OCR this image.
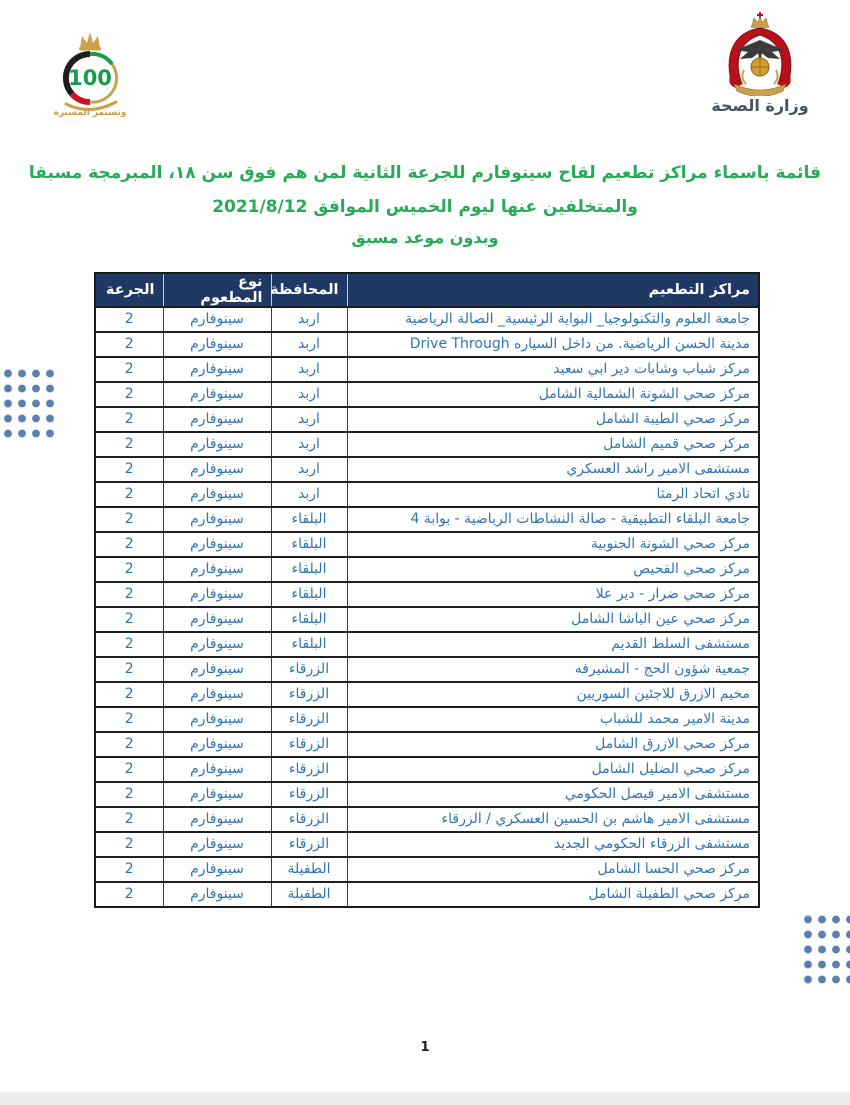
100
وتستمر المسيرة	وزارة الصحة
قائمة باسماء مراكز تطعيم لقاح سينوفارم للجرعة الثانية لمن هم فوق سن ١٨، المبرمجة مسبقا
والمتخلفين عنها ليوم الخميس الموافق 2021/8/12
وبدون موعد مسبق
مراكز التطعيم	المحافظة	نوع المطعوم	الجرعة
جامعة العلوم والتكنولوجيا_ البواية الرئيسية_ الصالة الرياضية	اربد	سينوفارم	2
مدينة الحسن الرياضية. من داخل السياره Drive Through	اربد	سينوفارم	2
مركز شباب وشابات دير ابي سعيد	اربد	سينوفارم	2
مركز صحي الشونة الشمالية الشامل	اربد	سينوفارم	2
مركز صحي الطيبة الشامل	اربد	سينوفارم	2
مركز صحي قميم الشامل	اربد	سينوفارم	2
مستشفى الامير راشد العسكري	اربد	سينوفارم	2
نادي اتحاد الرمثا	اربد	سينوفارم	2
جامعة البلقاء التطبيقية - صالة النشاطات الرياضية - بوابة 4	البلقاء	سينوفارم	2
مركز صحي الشونة الجنوبية	البلقاء	سينوفارم	2
مركز صحي الفحيص	البلقاء	سينوفارم	2
مركز صحي ضرار - دير علا	البلقاء	سينوفارم	2
مركز صحي عين الباشا الشامل	البلقاء	سينوفارم	2
مستشفى السلط القديم	البلقاء	سينوفارم	2
جمعية شؤون الحج - المشيرفه	الزرقاء	سينوفارم	2
مخيم الازرق للاجئين السوريين	الزرقاء	سينوفارم	2
مدينة الامير محمد للشباب	الزرقاء	سينوفارم	2
مركز صحي الازرق الشامل	الزرقاء	سينوفارم	2
مركز صحي الضليل الشامل	الزرقاء	سينوفارم	2
مستشفى الامير فيصل الحكومي	الزرقاء	سينوفارم	2
مستشفى الامير هاشم بن الحسين العسكري / الزرقاء	الزرقاء	سينوفارم	2
مستشفى الزرقاء الحكومي الجديد	الزرقاء	سينوفارم	2
مركز صحي الحسا الشامل	الطفيلة	سينوفارم	2
مركز صحي الطفيلة الشامل	الطفيلة	سينوفارم	2
1
